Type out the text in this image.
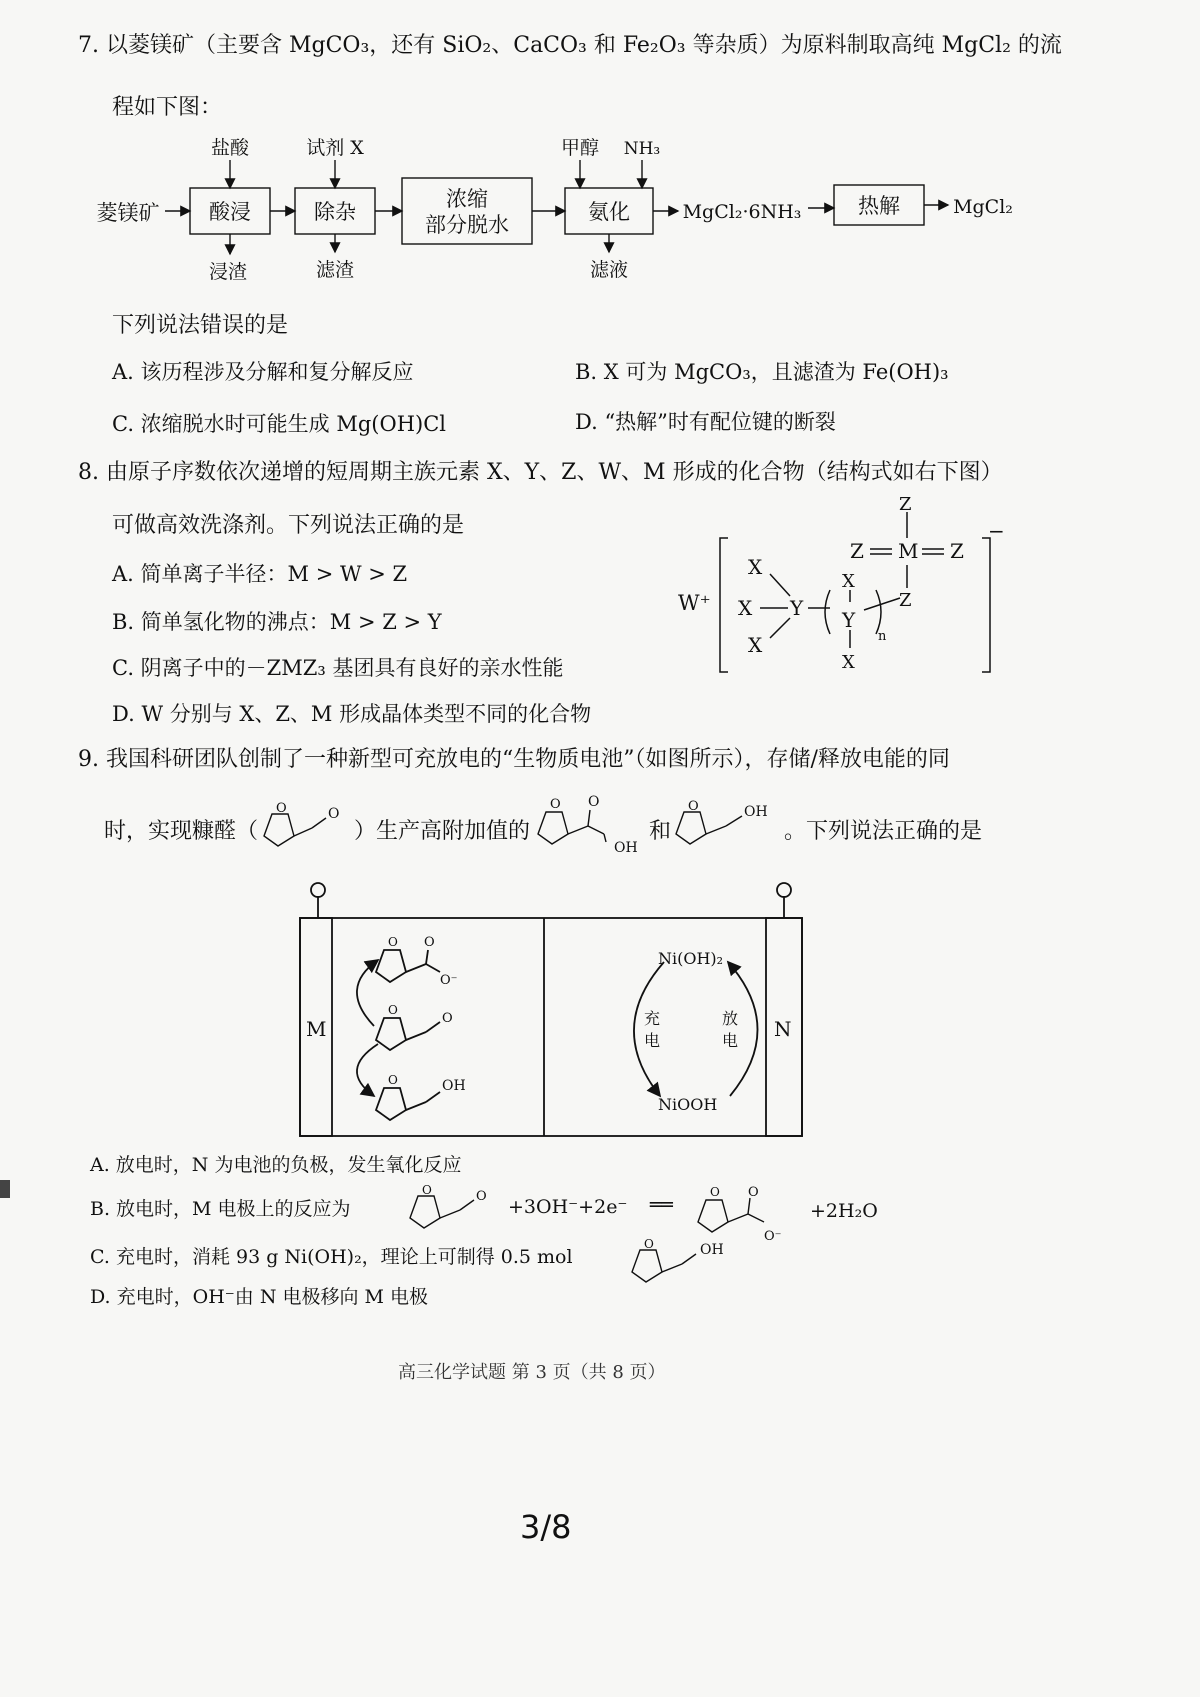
7. 以菱镁矿（主要含 MgCO₃，还有 SiO₂、CaCO₃ 和 Fe₂O₃ 等杂质）为原料制取高纯 MgCl₂ 的流
程如下图：
菱镁矿 酸浸
盐酸
浸渣
除杂
试剂 X
滤渣
浓缩
部分脱水
氨化
甲醇 NH₃
滤液
MgCl₂·6NH₃	热解	MgCl₂
下列说法错误的是
A. 该历程涉及分解和复分解反应	B. X 可为 MgCO₃，且滤渣为 Fe(OH)₃
C. 浓缩脱水时可能生成 Mg(OH)Cl	D. “热解”时有配位键的断裂
8. 由原子序数依次递增的短周期主族元素 X、Y、Z、W、M 形成的化合物（结构式如右下图）
可做高效洗涤剂。下列说法正确的是
A. 简单离子半径：M > W > Z
B. 简单氢化物的沸点：M > Z > Y
C. 阴离子中的－ZMZ₃ 基团具有良好的亲水性能
D. W 分别与 X、Z、M 形成晶体类型不同的化合物
W⁺
−
X
X
X
Y
X
Y
X
n
Z
Z M Z
Z
9. 我国科研团队创制了一种新型可充放电的“生物质电池”（如图所示），存储/释放电能的同
时，实现糠醛（
O	O
）生产高附加值的
O O
OH
和
O	OH
。下列说法正确的是
M	N
O O
O⁻
O
O
O	OH
Ni(OH)₂
NiOOH
充
电
放
电
A. 放电时，N 为电池的负极，发生氧化反应
B. 放电时，M 电极上的反应为
O	O +3OH⁻+2e⁻ ══
O O
O⁻
+2H₂O
C. 充电时，消耗 93 g Ni(OH)₂，理论上可制得 0.5 mol
O	OH
D. 充电时，OH⁻由 N 电极移向 M 电极
高三化学试题 第 3 页（共 8 页）
3/8
